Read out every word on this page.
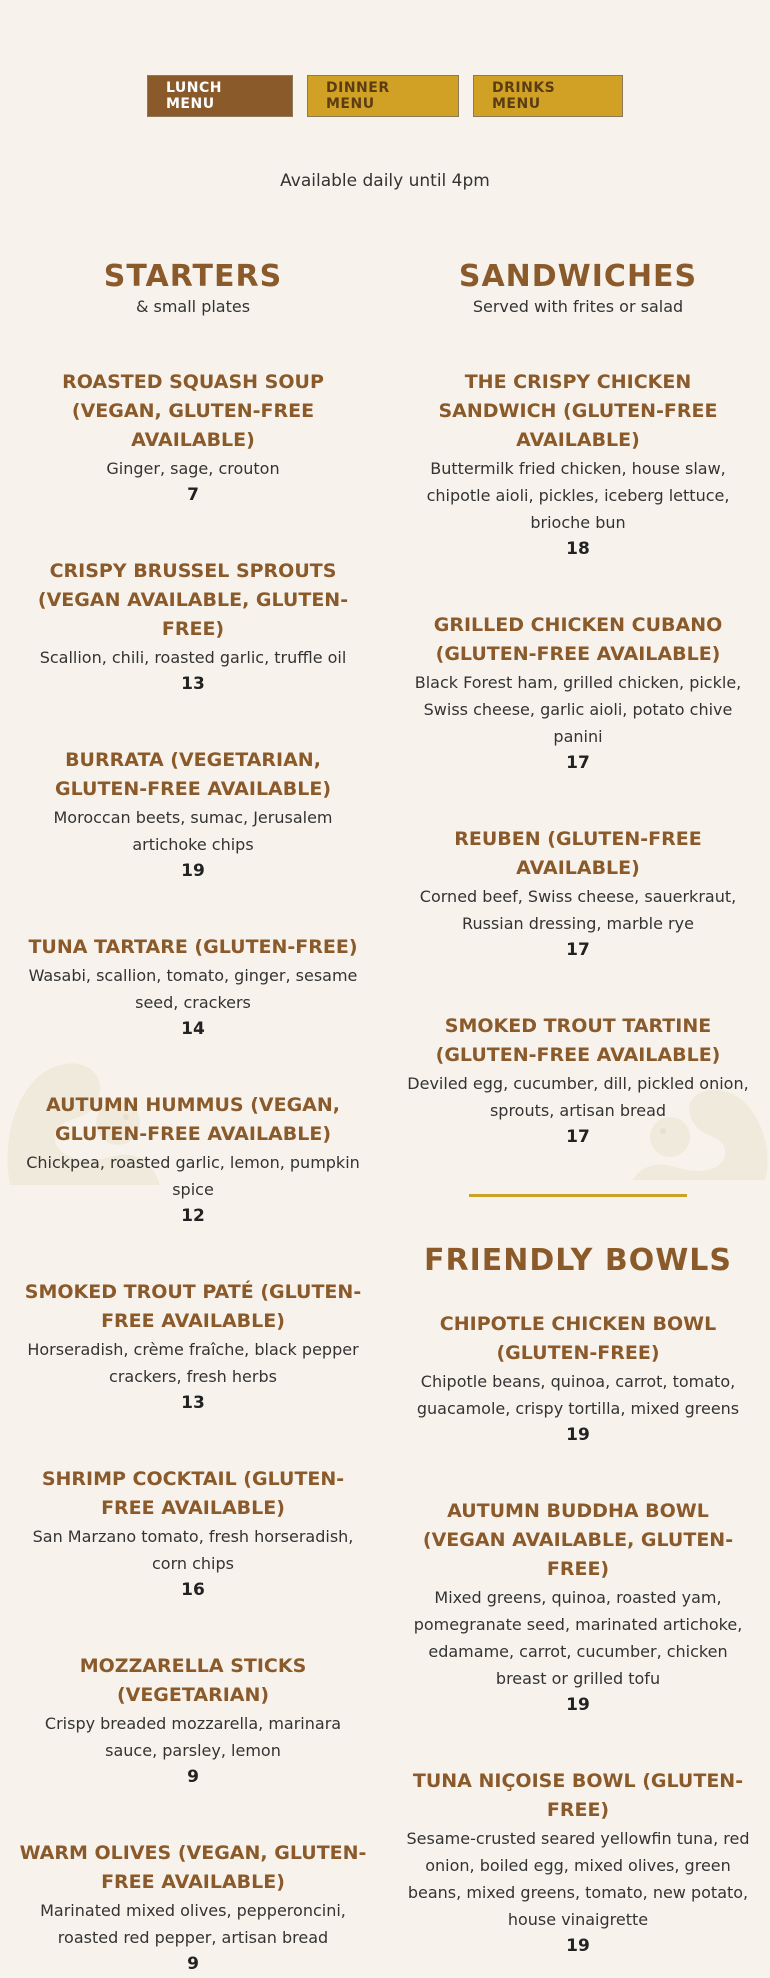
LUNCH MENU
DINNER MENU
DRINKS MENU
Available daily until 4pm
STARTERS
& small plates
ROASTED SQUASH SOUP (VEGAN, GLUTEN-FREE AVAILABLE)
Ginger, sage, crouton
7
CRISPY BRUSSEL SPROUTS (VEGAN AVAILABLE, GLUTEN-FREE)
Scallion, chili, roasted garlic, truffle oil
13
BURRATA (VEGETARIAN, GLUTEN-FREE AVAILABLE)
Moroccan beets, sumac, Jerusalem artichoke chips
19
TUNA TARTARE (GLUTEN-FREE)
Wasabi, scallion, tomato, ginger, sesame seed, crackers
14
AUTUMN HUMMUS (VEGAN, GLUTEN-FREE AVAILABLE)
Chickpea, roasted garlic, lemon, pumpkin spice
12
SMOKED TROUT PATÉ (GLUTEN-FREE AVAILABLE)
Horseradish, crème fraîche, black pepper crackers, fresh herbs
13
SHRIMP COCKTAIL (GLUTEN-FREE AVAILABLE)
San Marzano tomato, fresh horseradish, corn chips
16
MOZZARELLA STICKS (VEGETARIAN)
Crispy breaded mozzarella, marinara sauce, parsley, lemon
9
WARM OLIVES (VEGAN, GLUTEN-FREE AVAILABLE)
Marinated mixed olives, pepperoncini, roasted red pepper, artisan bread
9
SANDWICHES
Served with frites or salad
THE CRISPY CHICKEN SANDWICH (GLUTEN-FREE AVAILABLE)
Buttermilk fried chicken, house slaw, chipotle aioli, pickles, iceberg lettuce, brioche bun
18
GRILLED CHICKEN CUBANO (GLUTEN-FREE AVAILABLE)
Black Forest ham, grilled chicken, pickle, Swiss cheese, garlic aioli, potato chive panini
17
REUBEN (GLUTEN-FREE AVAILABLE)
Corned beef, Swiss cheese, sauerkraut, Russian dressing, marble rye
17
SMOKED TROUT TARTINE (GLUTEN-FREE AVAILABLE)
Deviled egg, cucumber, dill, pickled onion, sprouts, artisan bread
17
FRIENDLY BOWLS
CHIPOTLE CHICKEN BOWL (GLUTEN-FREE)
Chipotle beans, quinoa, carrot, tomato, guacamole, crispy tortilla, mixed greens
19
AUTUMN BUDDHA BOWL (VEGAN AVAILABLE, GLUTEN-FREE)
Mixed greens, quinoa, roasted yam, pomegranate seed, marinated artichoke, edamame, carrot, cucumber, chicken breast or grilled tofu
19
TUNA NIÇOISE BOWL (GLUTEN-FREE)
Sesame-crusted seared yellowfin tuna, red onion, boiled egg, mixed olives, green beans, mixed greens, tomato, new potato, house vinaigrette
19
